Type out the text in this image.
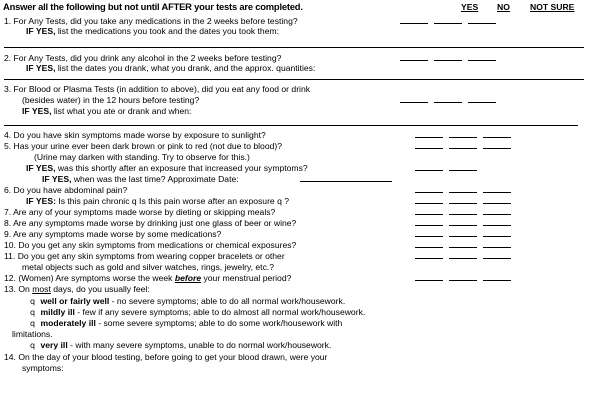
Answer all the following but not until AFTER your tests are completed.	YES NO NOT SURE
1. For Any Tests, did you take any medications in the 2 weeks before testing?
IF YES, list the medications you took and the dates you took them:
2. For Any Tests, did you drink any alcohol in the 2 weeks before testing?
IF YES, list the dates you drank, what you drank, and the approx. quantities:
3. For Blood or Plasma Tests (in addition to above), did you eat any food or drink
(besides water) in the 12 hours before testing?
IF YES, list what you ate or drank and when:
4. Do you have skin symptoms made worse by exposure to sunlight?
5. Has your urine ever been dark brown or pink to red (not due to blood)?
(Urine may darken with standing. Try to observe for this.)
IF YES, was this shortly after an exposure that increased your symptoms?
IF YES, when was the last time? Approximate Date:
6. Do you have abdominal pain?
IF YES: Is this pain chronic q Is this pain worse after an exposure q ?
7. Are any of your symptoms made worse by dieting or skipping meals?
8. Are any symptoms made worse by drinking just one glass of beer or wine?
9. Are any symptoms made worse by some medications?
10. Do you get any skin symptoms from medications or chemical exposures?
11. Do you get any skin symptoms from wearing copper bracelets or other
metal objects such as gold and silver watches, rings, jewelry, etc.?
12. (Women) Are symptoms worse the week before your menstrual period?
13. On most days, do you usually feel:
q well or fairly well - no severe symptoms; able to do all normal work/housework.
q mildly ill - few if any severe symptoms; able to do almost all normal work/housework.
q moderately ill - some severe symptoms; able to do some work/housework with
limitations.
q very ill - with many severe symptoms, unable to do normal work/housework.
14. On the day of your blood testing, before going to get your blood drawn, were your
symptoms:
